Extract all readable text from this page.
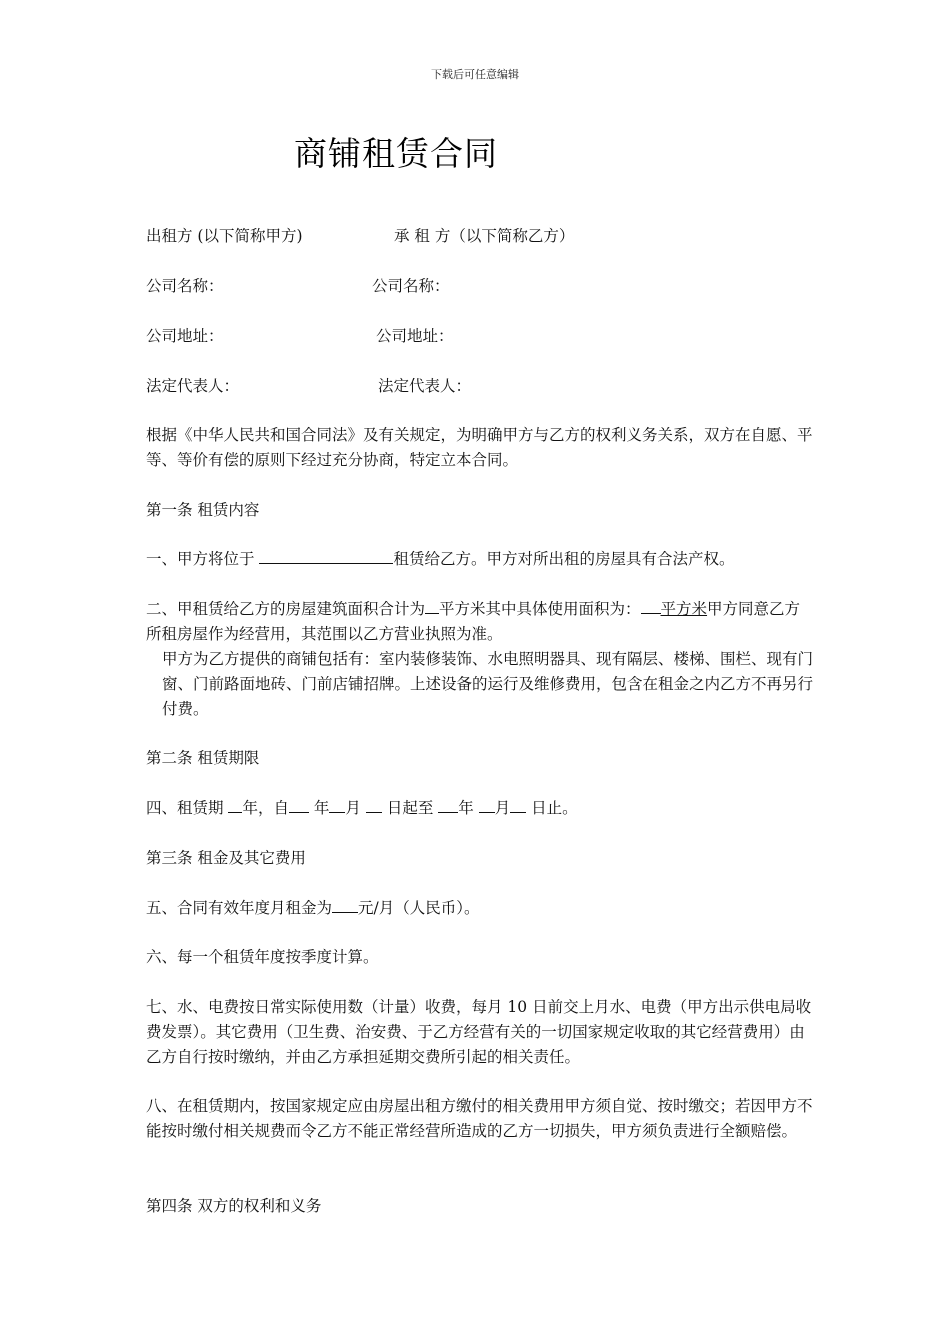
下载后可任意编辑
商铺租赁合同
出租方 (以下简称甲方)	承 租 方（以下简称乙方）
公司名称：	公司名称：
公司地址：	公司地址：
法定代表人：	法定代表人：
根据《中华人民共和国合同法》及有关规定，为明确甲方与乙方的权利义务关系，双方在自愿、平等、等价有偿的原则下经过充分协商，特定立本合同。
第一条 租赁内容
一、甲方将位于	租赁给乙方。甲方对所出租的房屋具有合法产权。
二、甲租赁给乙方的房屋建筑面积合计为 平方米其中具体使用面积为： 平方米甲方同意乙方所租房屋作为经营用，其范围以乙方营业执照为准。
甲方为乙方提供的商铺包括有：室内装修装饰、水电照明器具、现有隔层、楼梯、围栏、现有门窗、门前路面地砖、门前店铺招牌。上述设备的运行及维修费用，包含在租金之内乙方不再另行付费。
第二条 租赁期限
四、租赁期 年，自 年 月 日起至 年 月 日止。
第三条 租金及其它费用
五、合同有效年度月租金为 元/月（人民币）。
六、每一个租赁年度按季度计算。
七、水、电费按日常实际使用数（计量）收费，每月 10 日前交上月水、电费（甲方出示供电局收费发票）。其它费用（卫生费、治安费、于乙方经营有关的一切国家规定收取的其它经营费用）由乙方自行按时缴纳，并由乙方承担延期交费所引起的相关责任。
八、在租赁期内，按国家规定应由房屋出租方缴付的相关费用甲方须自觉、按时缴交；若因甲方不能按时缴付相关规费而令乙方不能正常经营所造成的乙方一切损失，甲方须负责进行全额赔偿。
第四条 双方的权利和义务
